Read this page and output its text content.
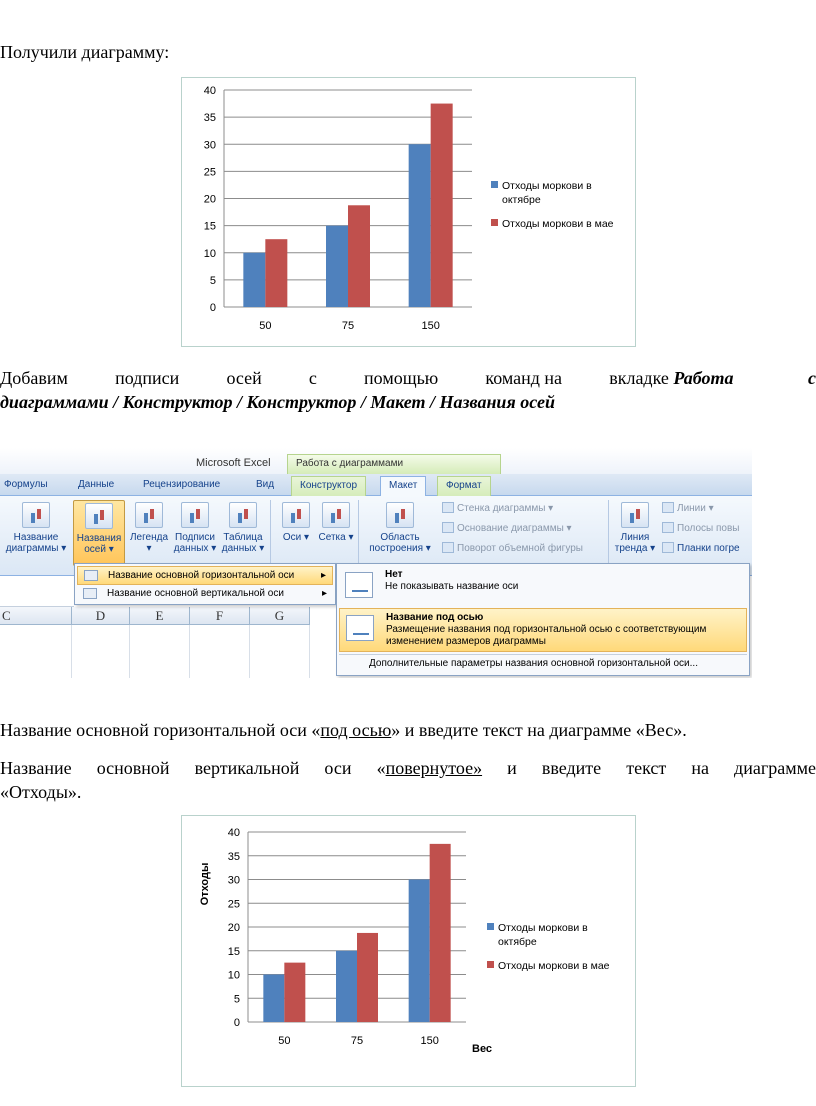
Получили диаграмму:
0
5
10
15
20
25
30
35
40
50	75	150
Отходы моркови в
октябре
Отходы моркови в мае
Добавим	подписи	осей	с	помощью	команд на	вкладке Работа с
диаграммами / Конструктор / Конструктор / Макет / Названия осей
Microsoft Excel	Работа с диаграммами
Формулы	Данные	Рецензирование	Вид	Конструктор	Макет	Формат
Название диаграммы ▾
Названия осей ▾
Легенда ▾
Подписи данных ▾
Таблица данных ▾
Оси ▾ Сетка ▾	Область построения ▾
Стенка диаграммы ▾
Основание диаграммы ▾
Поворот объемной фигуры
Линия тренда ▾
Линии ▾
Полосы повы
Планки погре
C	D	E	F	G
Название основной горизонтальной оси	▸
Название основной вертикальной оси	▸
Нет
Не показывать название оси
Название под осью
Размещение названия под горизонтальной осью с соответствующим изменением размеров диаграммы
Дополнительные параметры названия основной горизонтальной оси...
Название основной горизонтальной оси «под осью» и введите текст на диаграмме «Вес».
Название основной вертикальной оси «повернутое» и введите текст на диаграмме
«Отходы».
0
5
10
15
20
25
30
35
40
50	75	150
Отходы моркови в
октябре
Отходы моркови в мае
Вес
Отходы
